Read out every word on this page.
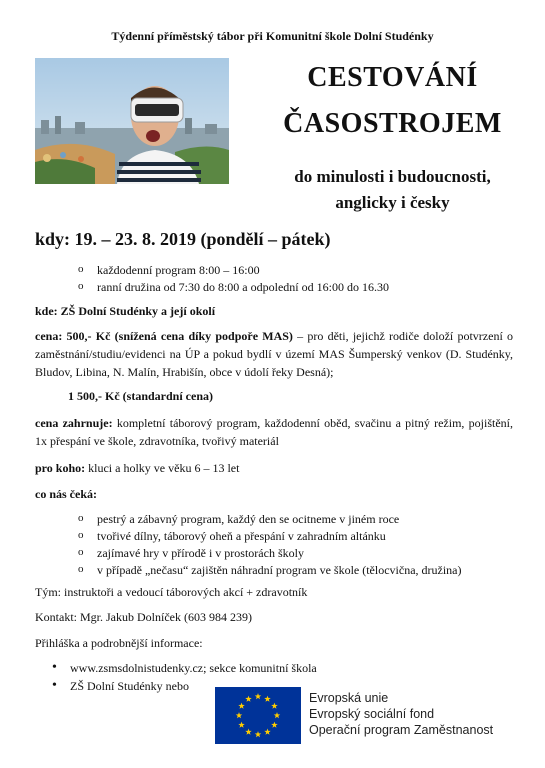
Týdenní příměstský tábor při Komunitní škole Dolní Studénky
CESTOVÁNÍ
ČASOSTROJEM
do minulosti i budoucnosti,
anglicky i česky
kdy: 19. – 23. 8. 2019 (pondělí – pátek)
o každodenní program 8:00 – 16:00
o ranní družina od 7:30 do 8:00 a odpolední od 16:00 do 16.30
kde: ZŠ Dolní Studénky a její okolí
cena: 500,- Kč (snížená cena díky podpoře MAS) – pro děti, jejichž rodiče doloží potvrzení o zaměstnání/studiu/evidenci na ÚP a pokud bydlí v území MAS Šumperský venkov (D. Studénky, Bludov, Libina, N. Malín, Hrabišín, obce v údolí řeky Desná);
1 500,- Kč (standardní cena)
cena zahrnuje: kompletní táborový program, každodenní oběd, svačinu a pitný režim, pojištění, 1x přespání ve škole, zdravotníka, tvořivý materiál
pro koho: kluci a holky ve věku 6 – 13 let
co nás čeká:
o pestrý a zábavný program, každý den se ocitneme v jiném roce
o tvořivé dílny, táborový oheň a přespání v zahradním altánku
o zajímavé hry v přírodě i v prostorách školy
o v případě „nečasu“ zajištěn náhradní program ve škole (tělocvična, družina)
Tým: instruktoři a vedoucí táborových akcí + zdravotník
Kontakt: Mgr. Jakub Dolníček (603 984 239)
Přihláška a podrobnější informace:
• www.zsmsdolnistudenky.cz; sekce komunitní škola
• ZŠ Dolní Studénky nebo
Evropská unie
Evropský sociální fond
Operační program Zaměstnanost
